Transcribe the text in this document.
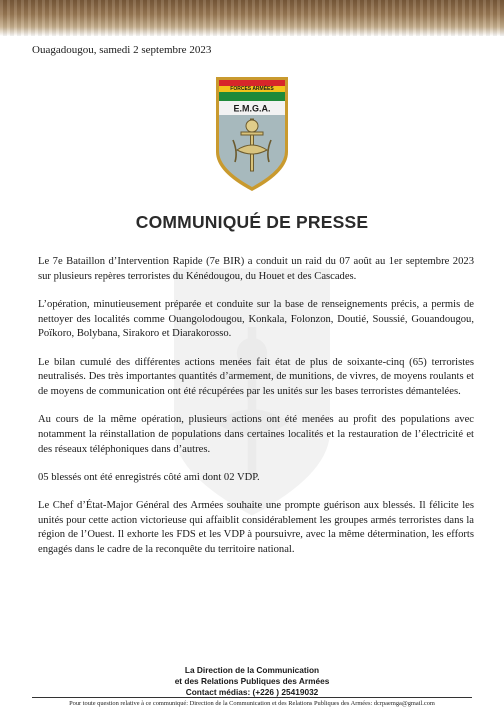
Ouagadougou, samedi 2 septembre 2023
FORCES ARMÉES
E.M.G.A.
COMMUNIQUÉ DE PRESSE

Le 7e Bataillon d’Intervention Rapide (7e BIR) a conduit un raid du 07 août au 1er septembre 2023 sur plusieurs repères terroristes du Kénédougou, du Houet et des Cascades.

L’opération, minutieusement préparée et conduite sur la base de renseignements précis, a permis de nettoyer des localités comme Ouangolodougou, Konkala, Folonzon, Doutié, Soussié, Gouandougou, Poïkoro, Bolybana, Sirakoro et Diarakorosso.

Le bilan cumulé des différentes actions menées fait état de plus de soixante-cinq (65) terroristes neutralisés. Des très importantes quantités d’armement, de munitions, de vivres, de moyens roulants et de moyens de communication ont été récupérées par les unités sur les bases terroristes démantelées.

Au cours de la même opération, plusieurs actions ont été menées au profit des populations avec notamment la réinstallation de populations dans certaines localités et la restauration de l’électricité et des réseaux téléphoniques dans d’autres.

05 blessés ont été enregistrés côté ami dont 02 VDP.

Le Chef d’État-Major Général des Armées souhaite une prompte guérison aux blessés. Il félicite les unités pour cette action victorieuse qui affaiblit considérablement les groupes armés terroristes dans la région de l’Ouest. Il exhorte les FDS et les VDP à poursuivre, avec la même détermination, les efforts engagés dans le cadre de la reconquête du territoire national.

La Direction de la Communication
et des Relations Publiques des Armées
Contact médias: (+226 ) 25419032
Pour toute question relative à ce communiqué: Direction de la Communication et des Relations Publiques des Armées: dcrpaemga@gmail.com
